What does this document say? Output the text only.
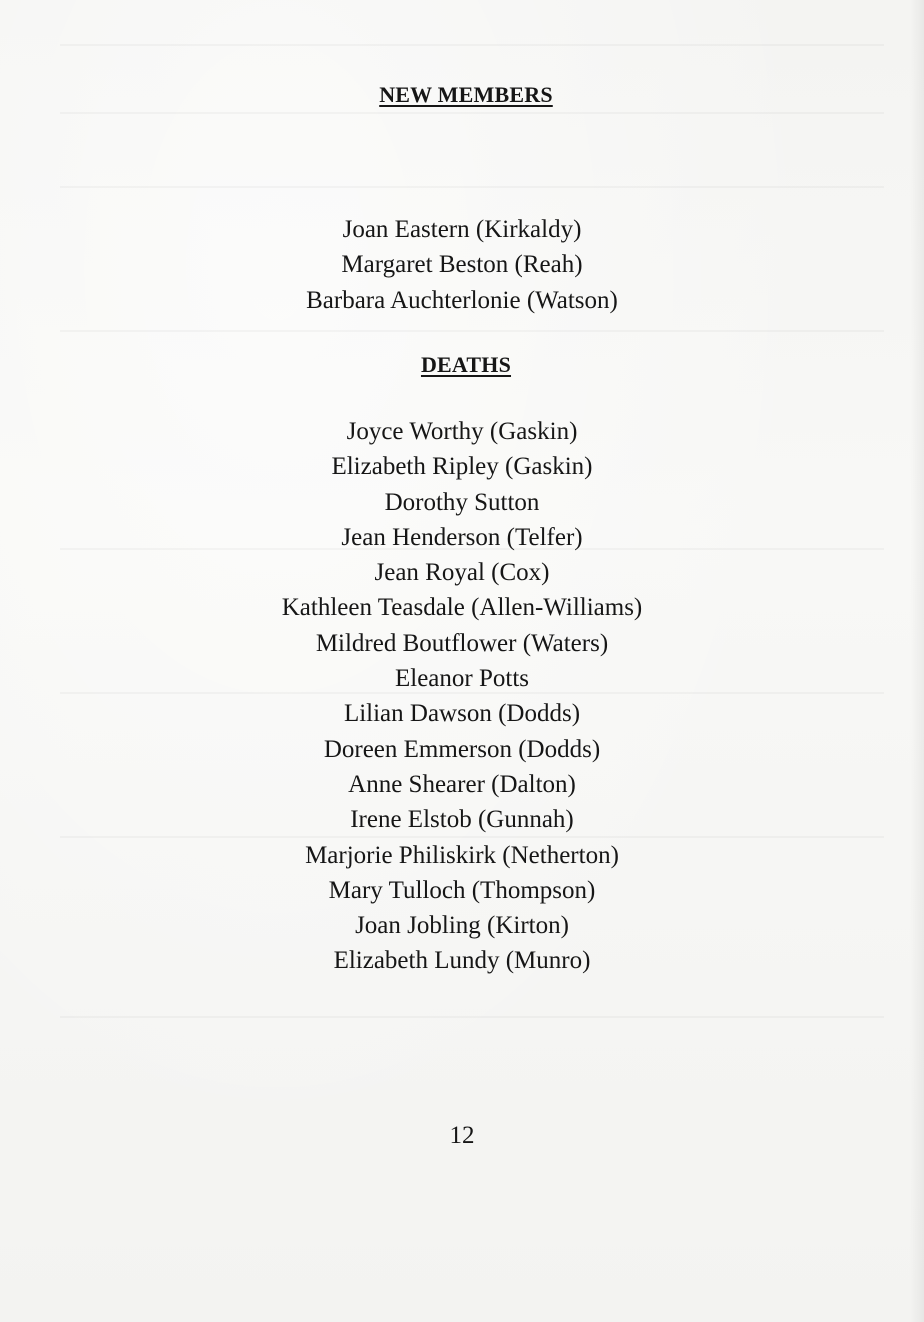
NEW MEMBERS
Joan Eastern (Kirkaldy)
Margaret Beston (Reah)
Barbara Auchterlonie (Watson)
DEATHS
Joyce Worthy (Gaskin)
Elizabeth Ripley (Gaskin)
Dorothy Sutton
Jean Henderson (Telfer)
Jean Royal (Cox)
Kathleen Teasdale (Allen-Williams)
Mildred Boutflower (Waters)
Eleanor Potts
Lilian Dawson (Dodds)
Doreen Emmerson (Dodds)
Anne Shearer (Dalton)
Irene Elstob (Gunnah)
Marjorie Philiskirk (Netherton)
Mary Tulloch (Thompson)
Joan Jobling (Kirton)
Elizabeth Lundy (Munro)
12
